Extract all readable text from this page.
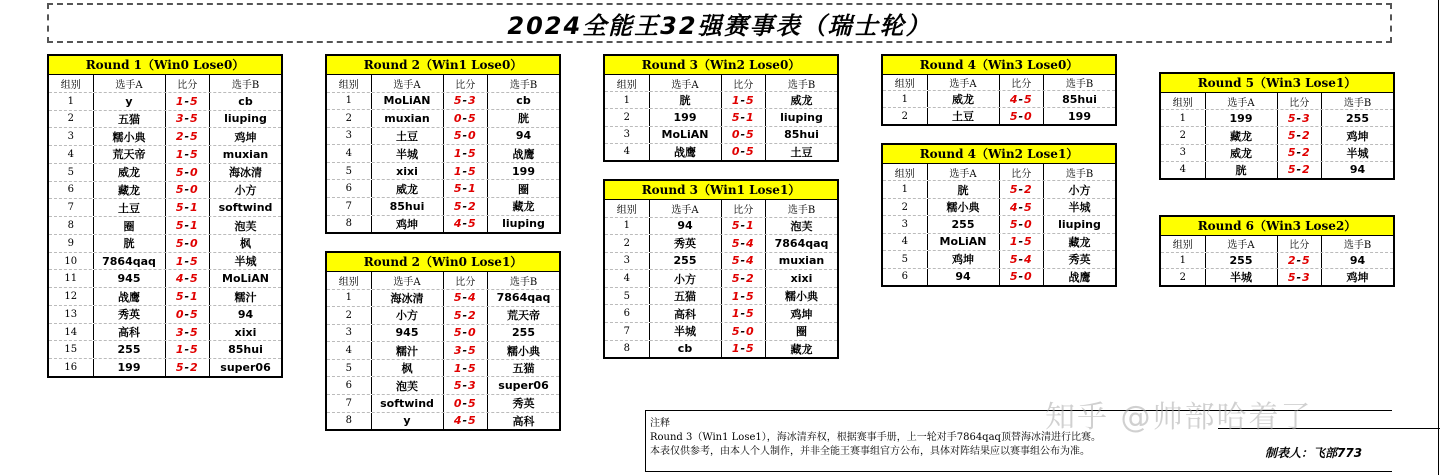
2024全能王32强赛事表（瑞士轮）
Round 1（Win0 Lose0）
组别	选手A	比分	选手B
1	y	1 - 5	cb
2	五猫	3 - 5	liuping
3	糯小典	2 - 5	鸡坤
4	荒天帝	1 - 5	muxian
5	威龙	5 - 0	海冰清
6	藏龙	5 - 0	小方
7	土豆	5 - 1	softwind
8	圈	5 - 1	泡芙
9	胱	5 - 0	枫
10	7864qaq	1 - 5	半城
11	945	4 - 5	MoLiAN
12	战鹰	5 - 1	糯汁
13	秀英	0 - 5	94
14	高科	3 - 5	xixi
15	255	1 - 5	85hui
16	199	5 - 2	super06
Round 2（Win1 Lose0）
组别	选手A	比分	选手B
1	MoLiAN	5 - 3	cb
2	muxian	0 - 5	胱
3	土豆	5 - 0	94
4	半城	1 - 5	战鹰
5	xixi	1 - 5	199
6	威龙	5 - 1	圈
7	85hui	5 - 2	藏龙
8	鸡坤	4 - 5	liuping
Round 2（Win0 Lose1）
组别	选手A	比分	选手B
1	海冰清	5 - 4	7864qaq
2	小方	5 - 2	荒天帝
3	945	5 - 0	255
4	糯汁	3 - 5	糯小典
5	枫	1 - 5	五猫
6	泡芙	5 - 3	super06
7	softwind	0 - 5	秀英
8	y	4 - 5	高科
Round 3（Win2 Lose0）
组别	选手A	比分	选手B
1	胱	1 - 5	威龙
2	199	5 - 1	liuping
3	MoLiAN	0 - 5	85hui
4	战鹰	0 - 5	土豆
Round 3（Win1 Lose1）
组别	选手A	比分	选手B
1	94	5 - 1	泡芙
2	秀英	5 - 4	7864qaq
3	255	5 - 4	muxian
4	小方	5 - 2	xixi
5	五猫	1 - 5	糯小典
6	高科	1 - 5	鸡坤
7	半城	5 - 0	圈
8	cb	1 - 5	藏龙
Round 4（Win3 Lose0）
组别	选手A	比分	选手B
1	威龙	4 - 5	85hui
2	土豆	5 - 0	199
Round 4（Win2 Lose1）
组别	选手A	比分	选手B
1	胱	5 - 2	小方
2	糯小典	4 - 5	半城
3	255	5 - 0	liuping
4	MoLiAN	1 - 5	藏龙
5	鸡坤	5 - 4	秀英
6	94	5 - 0	战鹰
Round 5（Win3 Lose1）
组别	选手A	比分	选手B
1	199	5 - 3	255
2	藏龙	5 - 2	鸡坤
3	威龙	5 - 2	半城
4	胱	5 - 2	94
Round 6（Win3 Lose2）
组别	选手A	比分	选手B
1	255	2 - 5	94
2	半城	5 - 3	鸡坤
注释
Round 3（Win1 Lose1），海冰清弃权，根据赛事手册，上一轮对手7864qaq顶替海冰清进行比赛。
本表仅供参考，由本人个人制作，并非全能王赛事组官方公布，具体对阵结果应以赛事组公布为准。	制表人：飞部773
知乎 @帅部哈着了
